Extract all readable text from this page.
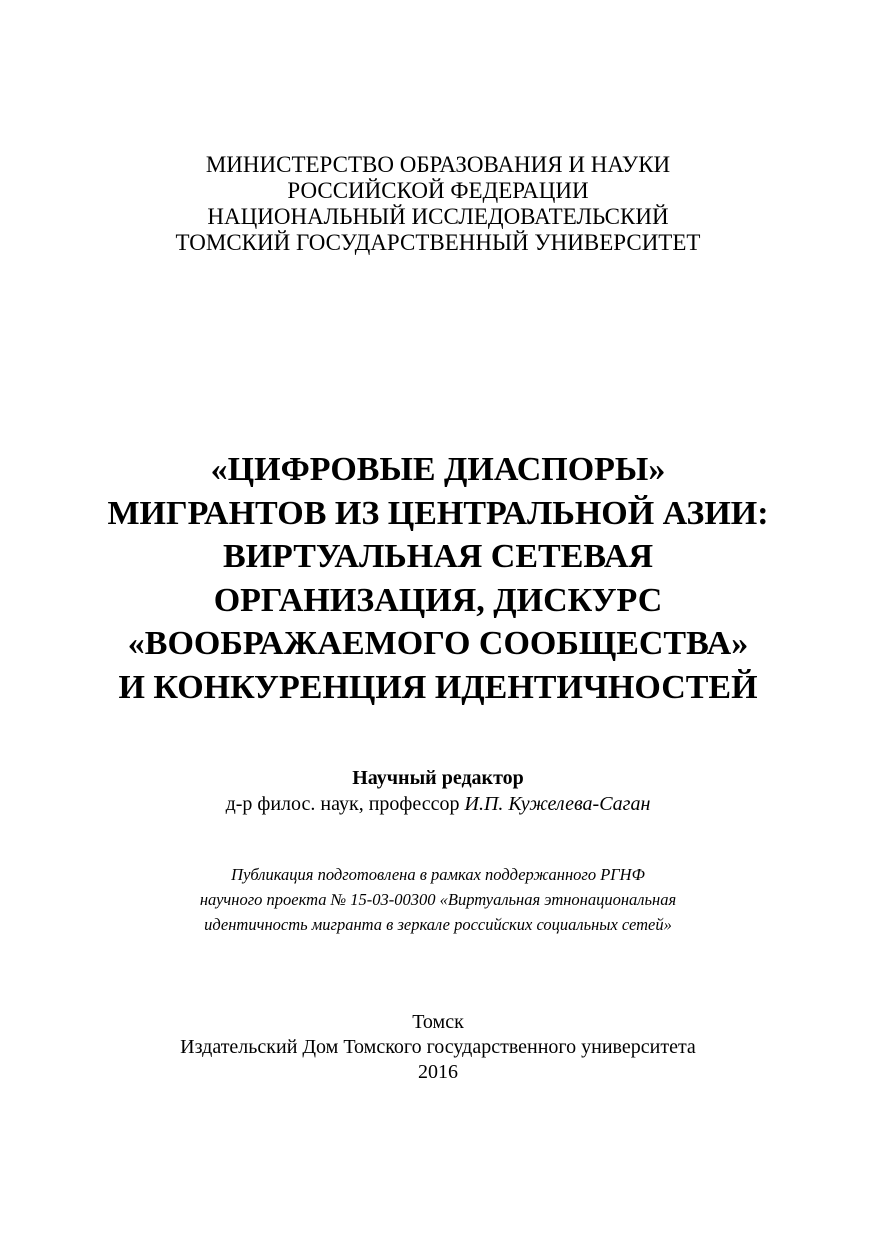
МИНИСТЕРСТВО ОБРАЗОВАНИЯ И НАУКИ
РОССИЙСКОЙ ФЕДЕРАЦИИ
НАЦИОНАЛЬНЫЙ ИССЛЕДОВАТЕЛЬСКИЙ
ТОМСКИЙ ГОСУДАРСТВЕННЫЙ УНИВЕРСИТЕТ
«ЦИФРОВЫЕ ДИАСПОРЫ»
МИГРАНТОВ ИЗ ЦЕНТРАЛЬНОЙ АЗИИ:
ВИРТУАЛЬНАЯ СЕТЕВАЯ
ОРГАНИЗАЦИЯ, ДИСКУРС
«ВООБРАЖАЕМОГО СООБЩЕСТВА»
И КОНКУРЕНЦИЯ ИДЕНТИЧНОСТЕЙ
Научный редактор
д-р филос. наук, профессор И.П. Кужелева-Саган
Публикация подготовлена в рамках поддержанного РГНФ
научного проекта № 15-03-00300 «Виртуальная этнонациональная
идентичность мигранта в зеркале российских социальных сетей»
Томск
Издательский Дом Томского государственного университета
2016
